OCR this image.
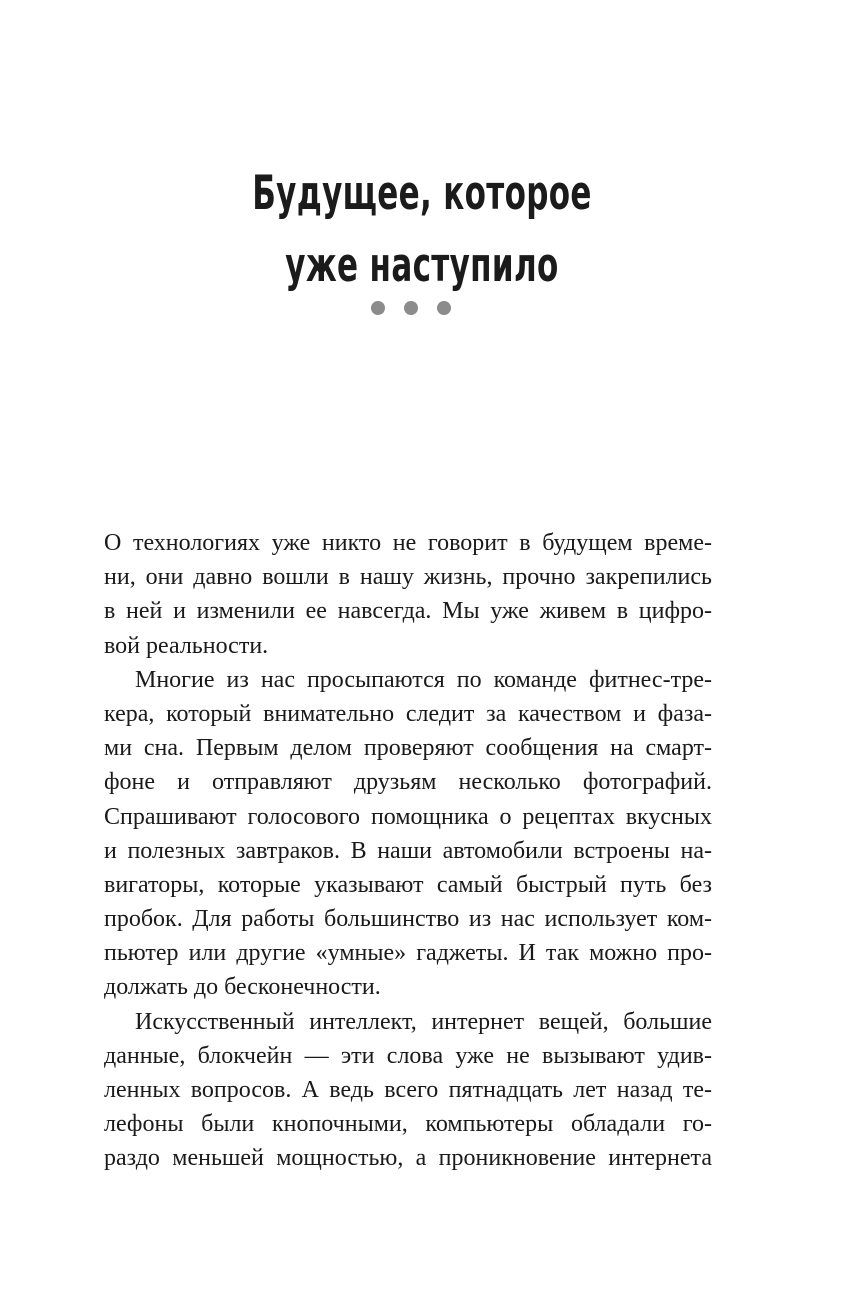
Будущее, которое
уже наступило
О технологиях уже никто не говорит в будущем време-
ни, они давно вошли в нашу жизнь, прочно закрепились
в ней и изменили ее навсегда. Мы уже живем в цифро-
вой реальности.
Многие из нас просыпаются по команде фитнес-тре-
кера, который внимательно следит за качеством и фаза-
ми сна. Первым делом проверяют сообщения на смарт-
фоне и отправляют друзьям несколько фотографий.
Спрашивают голосового помощника о рецептах вкусных
и полезных завтраков. В наши автомобили встроены на-
вигаторы, которые указывают самый быстрый путь без
пробок. Для работы большинство из нас использует ком-
пьютер или другие «умные» гаджеты. И так можно про-
должать до бесконечности.
Искусственный интеллект, интернет вещей, большие
данные, блокчейн — эти слова уже не вызывают удив-
ленных вопросов. А ведь всего пятнадцать лет назад те-
лефоны были кнопочными, компьютеры обладали го-
раздо меньшей мощностью, а проникновение интернета
